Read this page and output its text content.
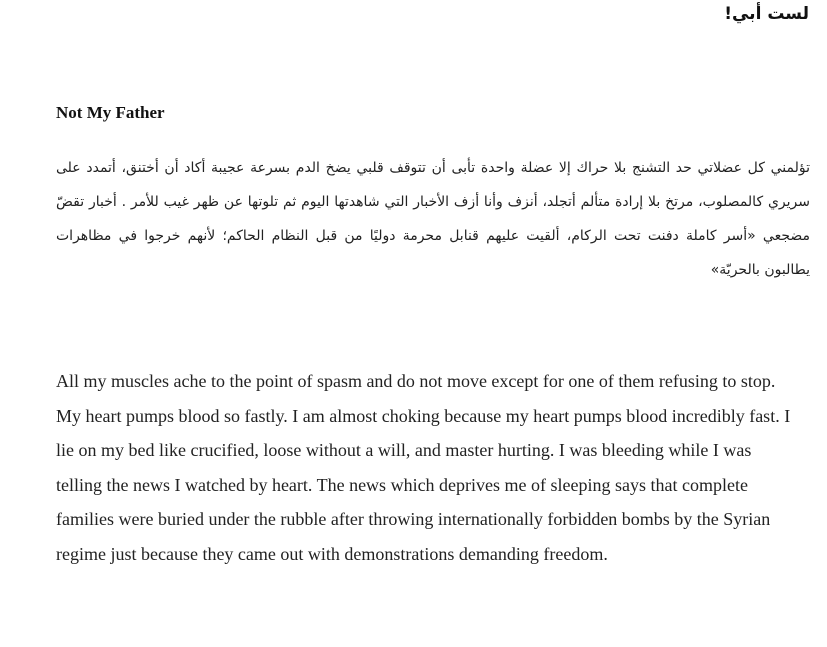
لست أبي!
Not My Father

تؤلمني كل عضلاتي حد التشنج بلا حراك إلا عضلة واحدة تأبى أن تتوقف قلبي يضخ الدم بسرعة عجيبة أكاد أن أختنق، أتمدد على سريري كالمصلوب، مرتخ بلا إرادة متألم أتجلد، أنزف وأنا أزف الأخبار التي شاهدتها اليوم ثم تلوتها عن ظهر غيب للأمر . أخبار تقضّ مضجعي «أسر كاملة دفنت تحت الركام، ألقيت عليهم قنابل محرمة دوليًا من قبل النظام الحاكم؛ لأنهم خرجوا في مظاهرات يطالبون بالحريّة»

All my muscles ache to the point of spasm and do not move except for one of them refusing to stop. My heart pumps blood so fastly. I am almost choking because my heart pumps blood incredibly fast. I lie on my bed like crucified, loose without a will, and master hurting. I was bleeding while I was telling the news I watched by heart. The news which deprives me of sleeping says that complete families were buried under the rubble after throwing internationally forbidden bombs by the Syrian regime just because they came out with demonstrations demanding freedom.
